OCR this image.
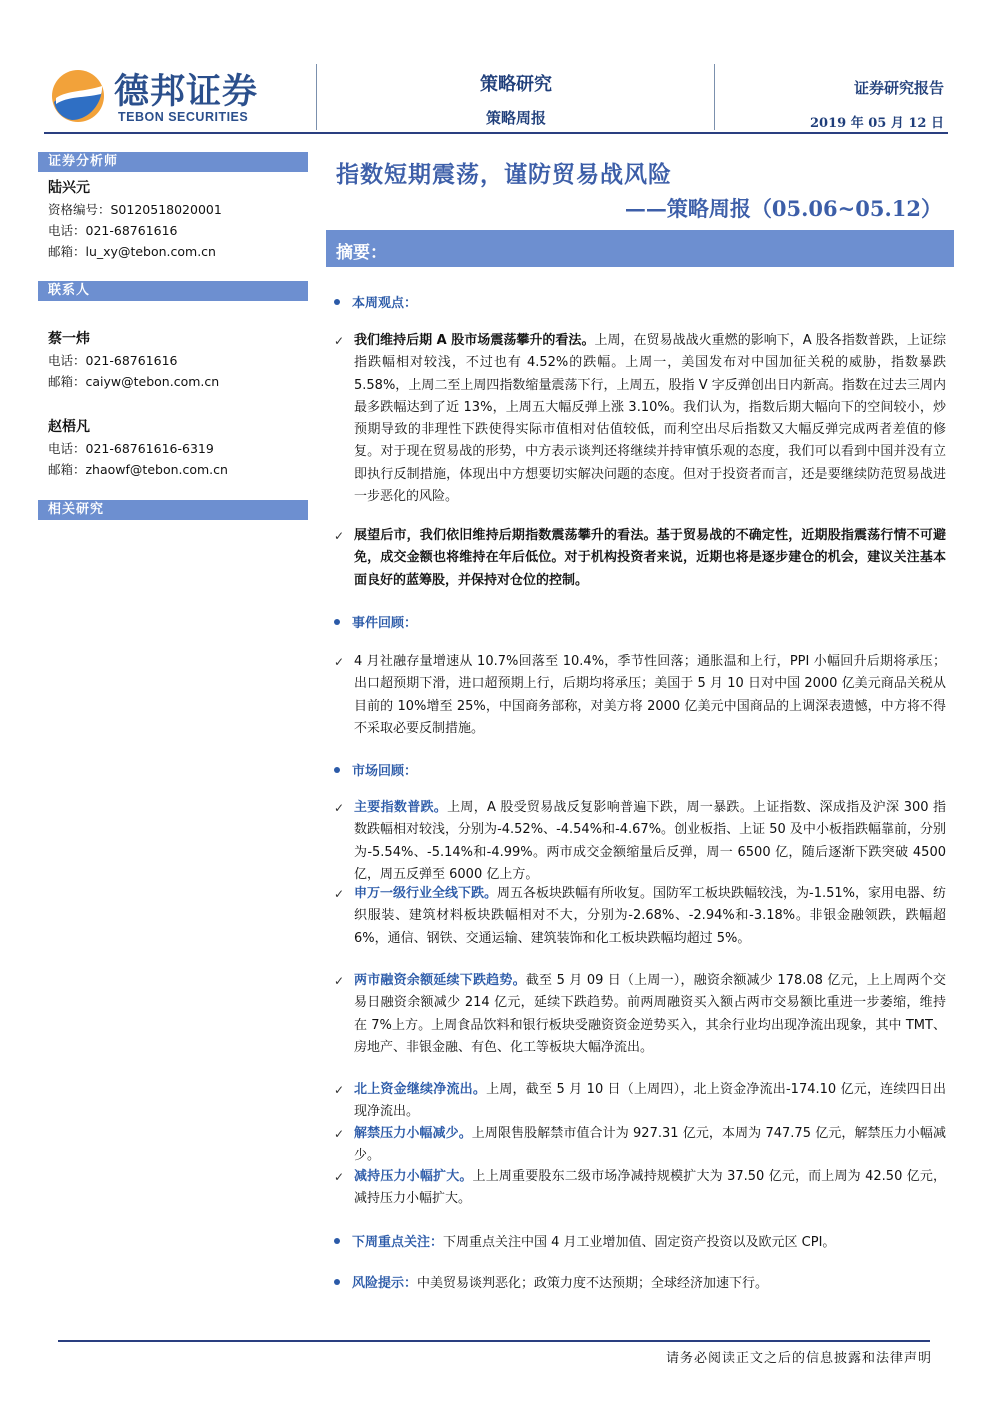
德邦证券
TEBON SECURITIES
策略研究
策略周报
证券研究报告
2019 年 05 月 12 日
证券分析师
陆兴元
资格编号：S0120518020001
电话：021-68761616
邮箱：lu_xy@tebon.com.cn
联系人
蔡一炜
电话：021-68761616
邮箱：caiyw@tebon.com.cn
赵梧凡
电话：021-68761616-6319
邮箱：zhaowf@tebon.com.cn
相关研究
指数短期震荡，谨防贸易战风险
——策略周报（05.06~05.12）
摘要：
本周观点：
✓ 我们维持后期 A 股市场震荡攀升的看法。上周，在贸易战战火重燃的影响下，A 股各指数普跌，上证综指跌幅相对较浅，不过也有 4.52%的跌幅。上周一，美国发布对中国加征关税的威胁，指数暴跌 5.58%，上周二至上周四指数缩量震荡下行，上周五，股指 V 字反弹创出日内新高。指数在过去三周内最多跌幅达到了近 13%，上周五大幅反弹上涨 3.10%。我们认为，指数后期大幅向下的空间较小，炒预期导致的非理性下跌使得实际市值相对估值较低，而利空出尽后指数又大幅反弹完成两者差值的修复。对于现在贸易战的形势，中方表示谈判还将继续并持审慎乐观的态度，我们可以看到中国并没有立即执行反制措施，体现出中方想要切实解决问题的态度。但对于投资者而言，还是要继续防范贸易战进一步恶化的风险。
✓ 展望后市，我们依旧维持后期指数震荡攀升的看法。基于贸易战的不确定性，近期股指震荡行情不可避免，成交金额也将维持在年后低位。对于机构投资者来说，近期也将是逐步建仓的机会，建议关注基本面良好的蓝筹股，并保持对仓位的控制。
事件回顾：
✓ 4 月社融存量增速从 10.7%回落至 10.4%，季节性回落；通胀温和上行，PPI 小幅回升后期将承压；出口超预期下滑，进口超预期上行，后期均将承压；美国于 5 月 10 日对中国 2000 亿美元商品关税从目前的 10%增至 25%，中国商务部称，对美方将 2000 亿美元中国商品的上调深表遗憾，中方将不得不采取必要反制措施。
市场回顾：
✓ 主要指数普跌。上周，A 股受贸易战反复影响普遍下跌，周一暴跌。上证指数、深成指及沪深 300 指数跌幅相对较浅，分别为-4.52%、-4.54%和-4.67%。创业板指、上证 50 及中小板指跌幅靠前，分别为-5.54%、-5.14%和-4.99%。两市成交金额缩量后反弹，周一 6500 亿，随后逐渐下跌突破 4500 亿，周五反弹至 6000 亿上方。
✓ 申万一级行业全线下跌。周五各板块跌幅有所收复。国防军工板块跌幅较浅，为-1.51%，家用电器、纺织服装、建筑材料板块跌幅相对不大，分别为-2.68%、-2.94%和-3.18%。非银金融领跌，跌幅超 6%，通信、钢铁、交通运输、建筑装饰和化工板块跌幅均超过 5%。
✓ 两市融资余额延续下跌趋势。截至 5 月 09 日（上周一），融资余额减少 178.08 亿元，上上周两个交易日融资余额减少 214 亿元，延续下跌趋势。前两周融资买入额占两市交易额比重进一步萎缩，维持在 7%上方。上周食品饮料和银行板块受融资资金逆势买入，其余行业均出现净流出现象，其中 TMT、房地产、非银金融、有色、化工等板块大幅净流出。
✓ 北上资金继续净流出。上周，截至 5 月 10 日（上周四），北上资金净流出-174.10 亿元，连续四日出现净流出。
✓ 解禁压力小幅减少。上周限售股解禁市值合计为 927.31 亿元，本周为 747.75 亿元，解禁压力小幅减少。
✓ 减持压力小幅扩大。上上周重要股东二级市场净减持规模扩大为 37.50 亿元，而上周为 42.50 亿元，减持压力小幅扩大。
下周重点关注：下周重点关注中国 4 月工业增加值、固定资产投资以及欧元区 CPI。
风险提示：中美贸易谈判恶化；政策力度不达预期；全球经济加速下行。
请务必阅读正文之后的信息披露和法律声明
